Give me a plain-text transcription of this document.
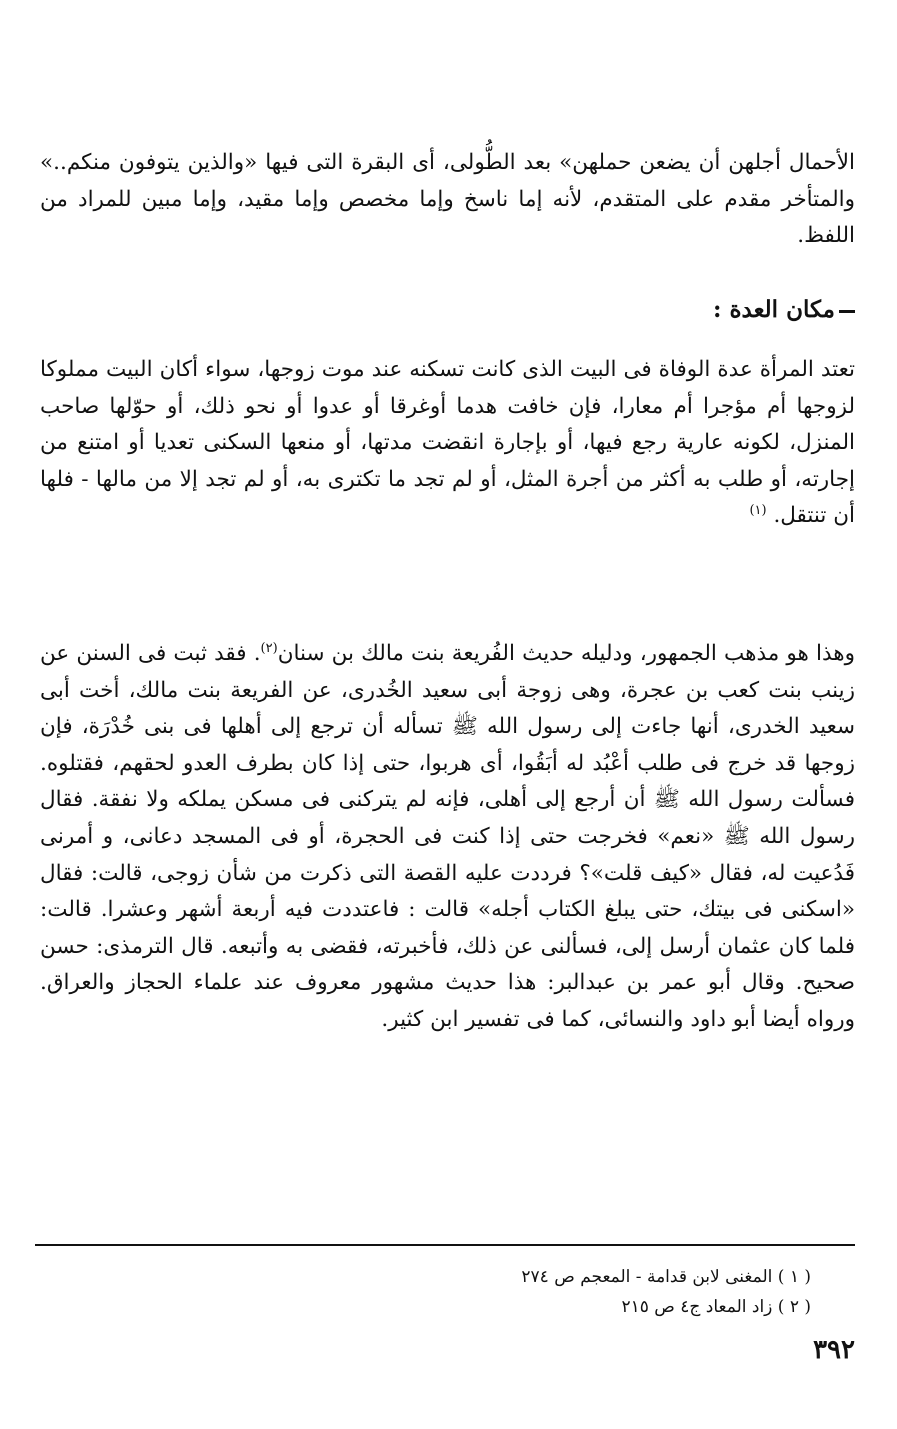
الأحمال أجلهن أن يضعن حملهن» بعد الطُّولى، أى البقرة التى فيها «والذين يتوفون منكم..» والمتأخر مقدم على المتقدم، لأنه إما ناسخ وإما مخصص وإما مقيد، وإما مبين للمراد من اللفظ.

مكان العدة :

تعتد المرأة عدة الوفاة فى البيت الذى كانت تسكنه عند موت زوجها، سواء أكان البيت مملوكا لزوجها أم مؤجرا أم معارا، فإن خافت هدما أوغرقا أو عدوا أو نحو ذلك، أو حوّلها صاحب المنزل، لكونه عارية رجع فيها، أو بإجارة انقضت مدتها، أو منعها السكنى تعديا أو امتنع من إجارته، أو طلب به أكثر من أجرة المثل، أو لم تجد ما تكترى به، أو لم تجد إلا من مالها - فلها أن تنتقل. $^{(١)}$

وهذا هو مذهب الجمهور، ودليله حديث الفُريعة بنت مالك بن سنان$^{(٢)}$. فقد ثبت فى السنن عن زينب بنت كعب بن عجرة، وهى زوجة أبى سعيد الخُدرى، عن الفريعة بنت مالك، أخت أبى سعيد الخدرى، أنها جاءت إلى رسول الله ﷺ تسأله أن ترجع إلى أهلها فى بنى خُدْرَة، فإن زوجها قد خرج فى طلب أعْبُد له أبَقُوا، أى هربوا، حتى إذا كان بطرف العدو لحقهم، فقتلوه. فسألت رسول الله ﷺ أن أرجع إلى أهلى، فإنه لم يتركنى فى مسكن يملكه ولا نفقة. فقال رسول الله ﷺ «نعم» فخرجت حتى إذا كنت فى الحجرة، أو فى المسجد دعانى، و أمرنى فَدُعيت له، فقال «كيف قلت»؟ فرددت عليه القصة التى ذكرت من شأن زوجى، قالت: فقال «اسكنى فى بيتك، حتى يبلغ الكتاب أجله» قالت : فاعتددت فيه أربعة أشهر وعشرا. قالت: فلما كان عثمان أرسل إلى، فسألنى عن ذلك، فأخبرته، فقضى به وأتبعه. قال الترمذى: حسن صحيح. وقال أبو عمر بن عبدالبر: هذا حديث مشهور معروف عند علماء الحجاز والعراق. ورواه أيضا أبو داود والنسائى، كما فى تفسير ابن كثير.

( ١ ) المغنى لابن قدامة - المعجم ص ٢٧٤
( ٢ ) زاد المعاد ج٤ ص ٢١٥
٣٩٢
